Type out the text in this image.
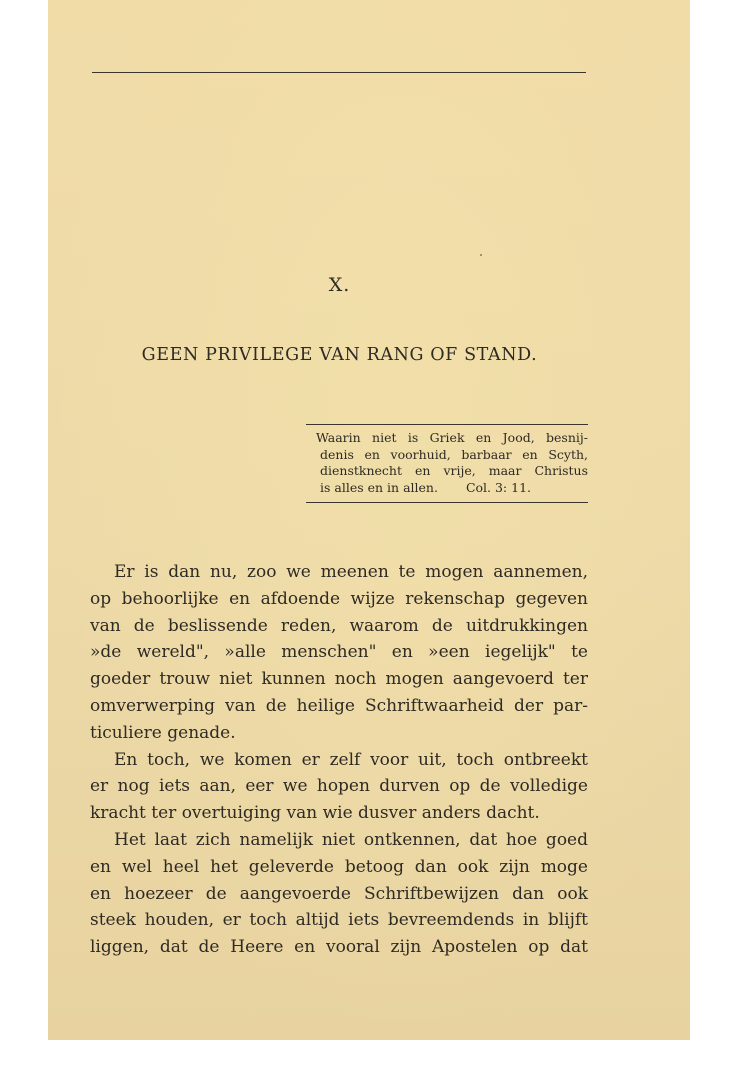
X.
GEEN PRIVILEGE VAN RANG OF STAND.
Waarin niet is Griek en Jood, besnij-
denis en voorhuid, barbaar en Scyth,
dienstknecht en vrije, maar Christus
is alles en in allen. Col. 3: 11.
Er is dan nu, zoo we meenen te mogen aannemen,
op behoorlijke en afdoende wijze rekenschap gegeven
van de beslissende reden, waarom de uitdrukkingen
»de wereld", »alle menschen" en »een iegelijk" te
goeder trouw niet kunnen noch mogen aangevoerd ter
omverwerping van de heilige Schriftwaarheid der par-
ticuliere genade.
En toch, we komen er zelf voor uit, toch ontbreekt
er nog iets aan, eer we hopen durven op de volledige
kracht ter overtuiging van wie dusver anders dacht.
Het laat zich namelijk niet ontkennen, dat hoe goed
en wel heel het geleverde betoog dan ook zijn moge
en hoezeer de aangevoerde Schriftbewijzen dan ook
steek houden, er toch altijd iets bevreemdends in blijft
liggen, dat de Heere en vooral zijn Apostelen op dat
